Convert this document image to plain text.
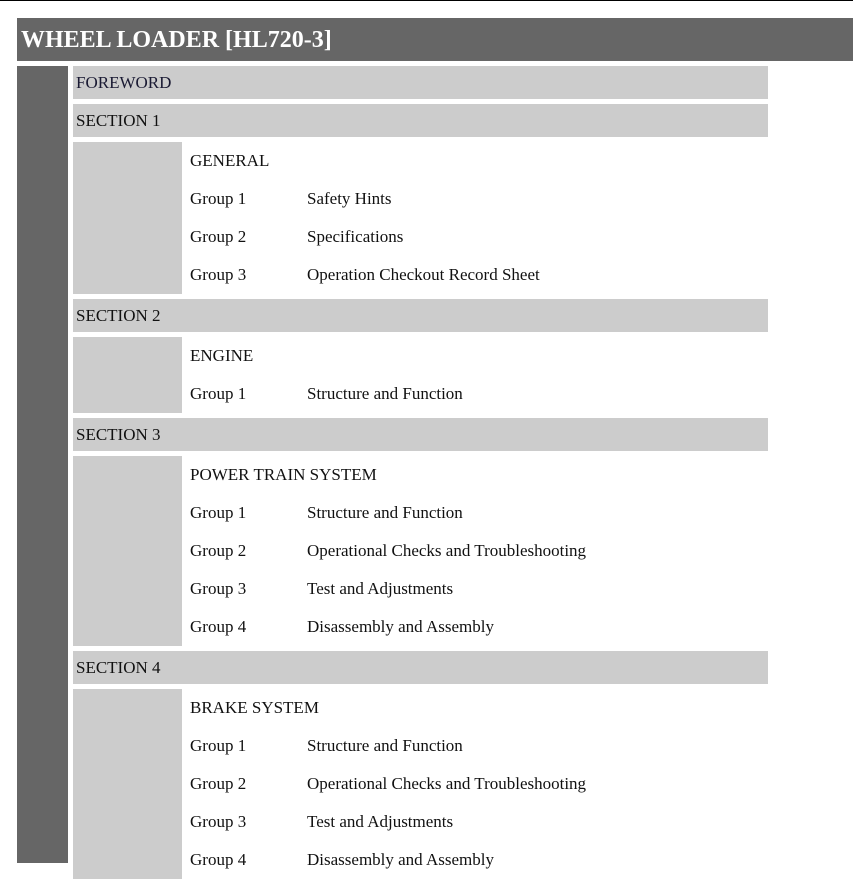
WHEEL LOADER [HL720-3]
FOREWORD
SECTION 1
GENERAL
Group 1	Safety Hints
Group 2	Specifications
Group 3	Operation Checkout Record Sheet
SECTION 2
ENGINE
Group 1	Structure and Function
SECTION 3
POWER TRAIN SYSTEM
Group 1	Structure and Function
Group 2	Operational Checks and Troubleshooting
Group 3	Test and Adjustments
Group 4	Disassembly and Assembly
SECTION 4
BRAKE SYSTEM
Group 1	Structure and Function
Group 2	Operational Checks and Troubleshooting
Group 3	Test and Adjustments
Group 4	Disassembly and Assembly
